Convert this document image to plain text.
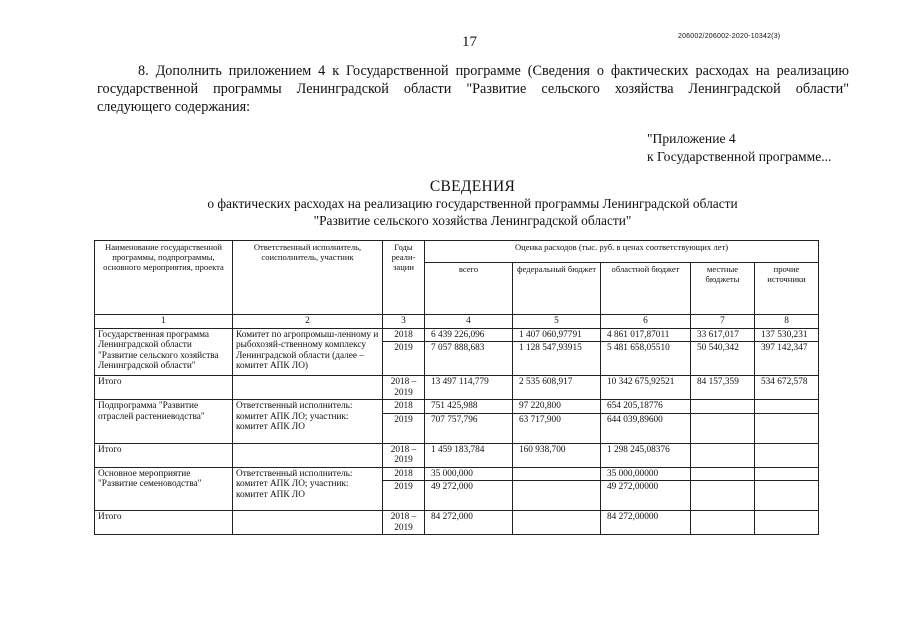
17	206002/206002-2020-10342(3)
8. Дополнить приложением 4 к Государственной программе (Сведения о фактических расходах на реализацию
государственной программы Ленинградской области "Развитие сельского хозяйства Ленинградской области"
следующего содержания:
"Приложение 4
к Государственной программе...
СВЕДЕНИЯ
о фактических расходах на реализацию государственной программы Ленинградской области
"Развитие сельского хозяйства Ленинградской области"
Наименование государственной программы, подпрограммы, основного мероприятия, проекта	Ответственный исполнитель, соисполнитель, участник	Годы реали-зации	Оценка расходов (тыс. руб. в ценах соответствующих лет)				
			всего	федеральный бюджет	областной бюджет	местные бюджеты	прочие источники
1	2	3	4	5	6	7	8
Государственная программа Ленинградской области "Развитие сельского хозяйства Ленинградской области"	Комитет по агропромыш-ленному и рыбохозяй-ственному комплексу Ленинградской области (далее – комитет АПК ЛО)	2018	6 439 226,096	1 407 060,97791	4 861 017,87011	33 617,017	137 530,231
		2019	7 057 888,683	1 128 547,93915	5 481 658,05510	50 540,342	397 142,347
Итого		2018 – 2019	13 497 114,779	2 535 608,917	10 342 675,92521	84 157,359	534 672,578
Подпрограмма "Развитие отраслей растениеводства"	Ответственный исполнитель: комитет АПК ЛО; участник: комитет АПК ЛО	2018	751 425,988	97 220,800	654 205,18776		
		2019	707 757,796	63 717,900	644 039,89600		
Итого		2018 – 2019	1 459 183,784	160 938,700	1 298 245,08376		
Основное мероприятие "Развитие семеноводства"	Ответственный исполнитель: комитет АПК ЛО; участник: комитет АПК ЛО	2018	35 000,000		35 000,00000		
		2019	49 272,000		49 272,00000		
Итого		2018 – 2019	84 272,000		84 272,00000		
